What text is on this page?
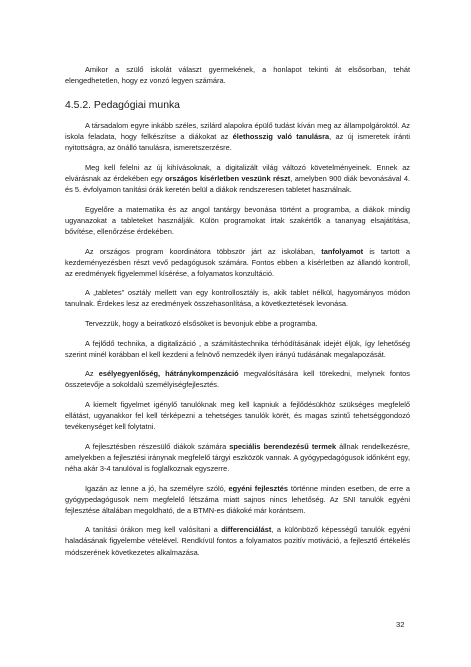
Amikor a szülő iskolát választ gyermekének, a honlapot tekinti át elsősorban, tehát elengedhetetlen, hogy ez vonzó legyen számára.

4.5.2. Pedagógiai munka

A társadalom egyre inkább széles, szilárd alapokra épülő tudást kíván meg az állampolgároktól. Az iskola feladata, hogy felkészítse a diákokat az élethosszig való tanulásra, az új ismeretek iránti nyitottságra, az önálló tanulásra, ismeretszerzésre.

Meg kell felelni az új kihívásoknak, a digitalizált világ változó követelményeinek. Ennek az elvárásnak az érdekében egy országos kísérletben veszünk részt, amelyben 900 diák bevonásával 4. és 5. évfolyamon tanítási órák keretén belül a diákok rendszeresen tabletet használnak.

Egyelőre a matematika és az angol tantárgy bevonása történt a programba, a diákok mindig ugyanazokat a tableteket használják. Külön programokat írtak szakértők a tananyag elsajátítása, bővítése, ellenőrzése érdekében.

Az országos program koordinátora többször járt az iskolában, tanfolyamot is tartott a kezdeményezésben részt vevő pedagógusok számára. Fontos ebben a kísérletben az állandó kontroll, az eredmények figyelemmel kísérése, a folyamatos konzultáció.

A „tabletes” osztály mellett van egy kontrollosztály is, akik tablet nélkül, hagyományos módon tanulnak. Érdekes lesz az eredmények összehasonlítása, a következtetések levonása.

Tervezzük, hogy a beiratkozó elsősöket is bevonjuk ebbe a programba.

A fejlődő technika, a digitalizáció , a számítástechnika térhódításának idejét éljük, így lehetőség szerint minél korábban el kell kezdeni a felnövő nemzedék ilyen irányú tudásának megalapozását.

Az esélyegyenlőség, hátránykompenzáció megvalósítására kell törekedni, melynek fontos összetevője a sokoldalú személyiségfejlesztés.

A kiemelt figyelmet igénylő tanulóknak meg kell kapniuk a fejlődésükhöz szükséges megfelelő ellátást, ugyanakkor fel kell térképezni a tehetséges tanulók körét, és magas szintű tehetséggondozó tevékenységet kell folytatni.

A fejlesztésben részesülő diákok számára speciális berendezésű termek állnak rendelkezésre, amelyekben a fejlesztési iránynak megfelelő tárgyi eszközök vannak. A gyógypedagógusok időnként egy, néha akár 3-4 tanulóval is foglalkoznak egyszerre.

Igazán az lenne a jó, ha személyre szóló, egyéni fejlesztés történne minden esetben, de erre a gyógypedagógusok nem megfelelő létszáma miatt sajnos nincs lehetőség. Az SNI tanulók egyéni fejlesztése általában megoldható, de a BTMN-es diákoké már korántsem.

A tanítási órákon meg kell valósítani a differenciálást, a különböző képességű tanulók egyéni haladásának figyelembe vételével. Rendkívül fontos a folyamatos pozitív motiváció, a fejlesztő értékelés módszerének következetes alkalmazása.

32
